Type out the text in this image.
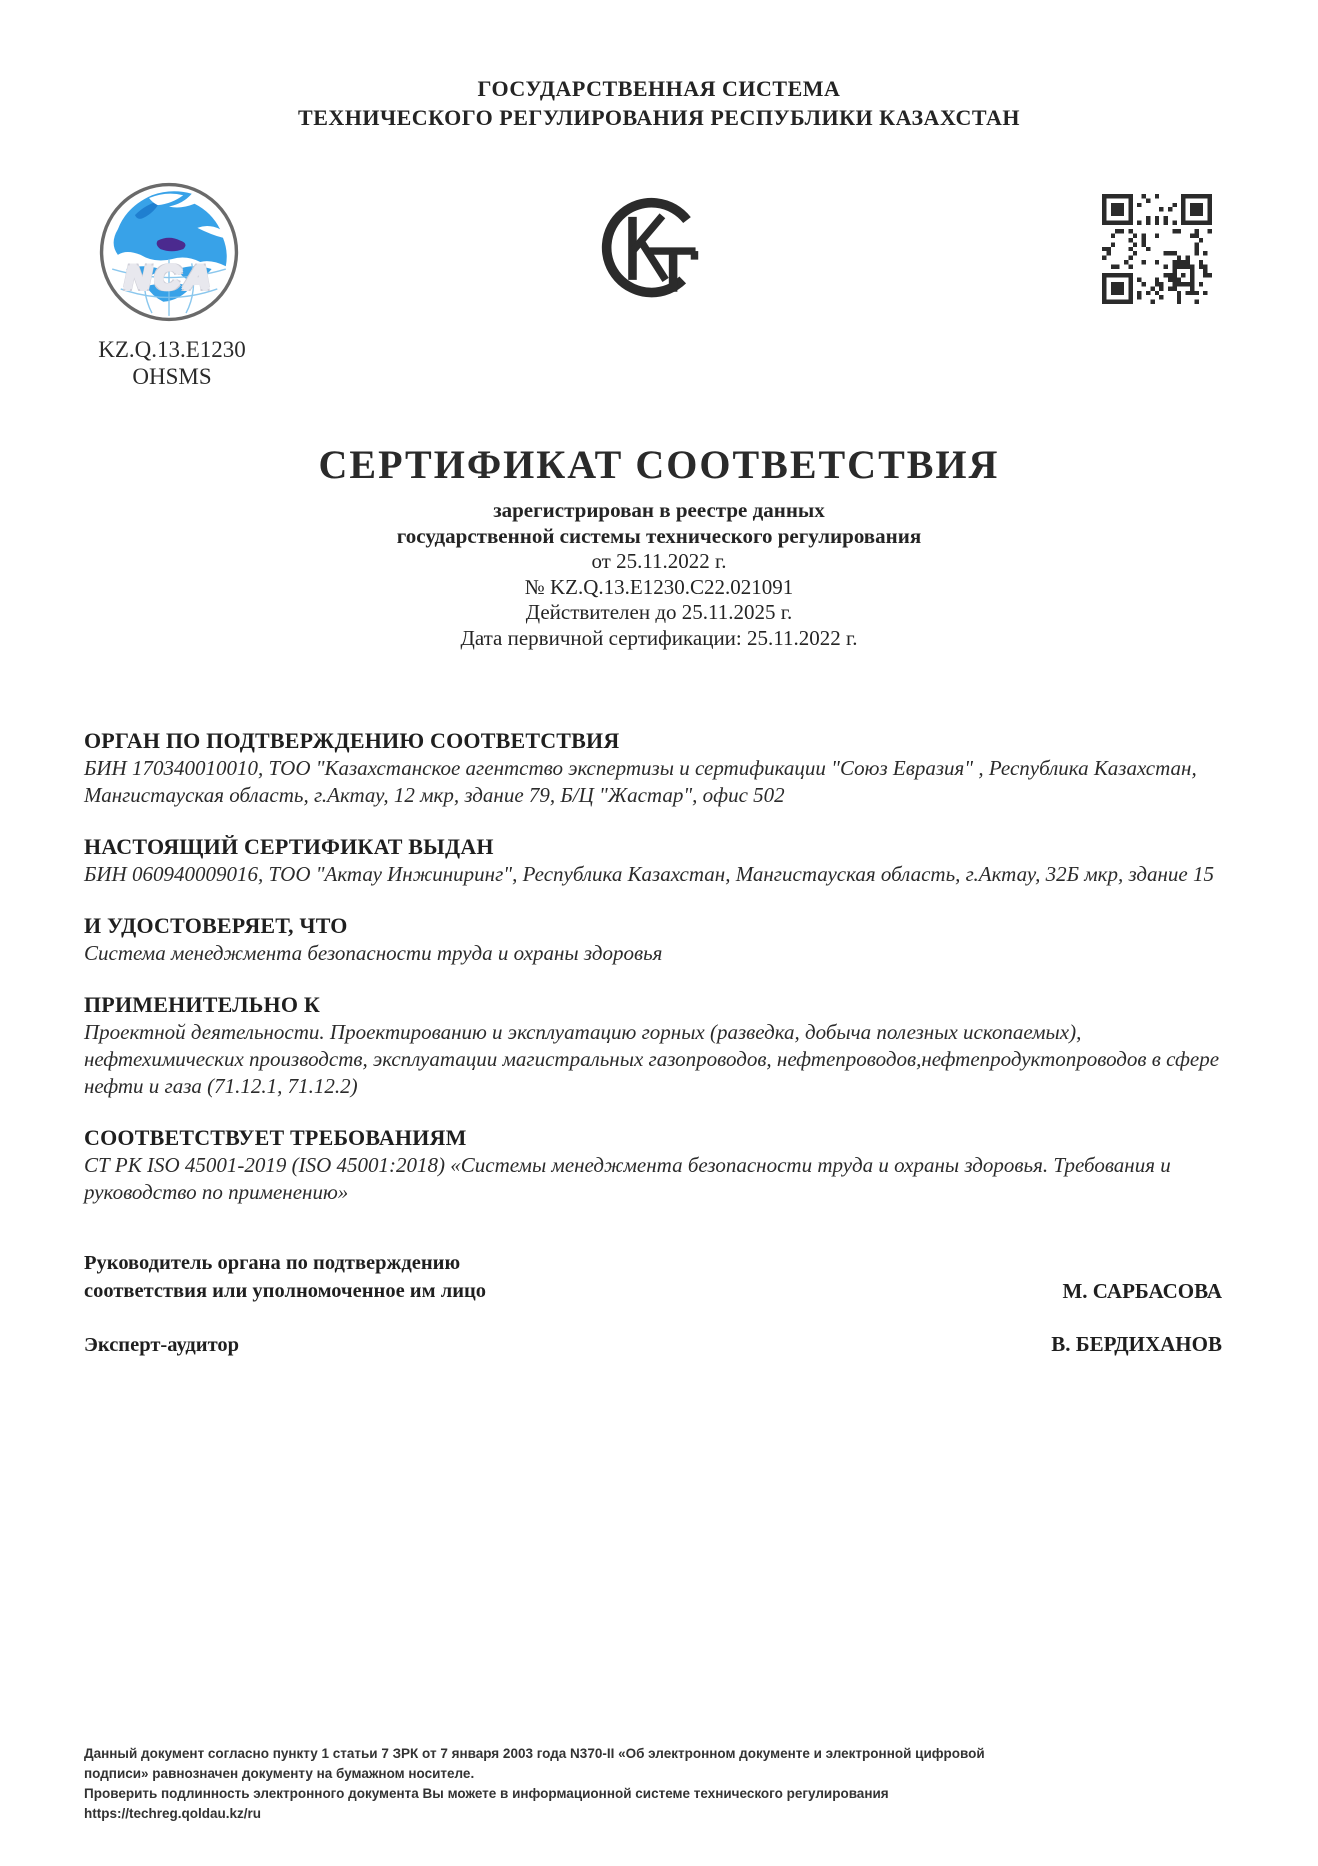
ГОСУДАРСТВЕННАЯ СИСТЕМА
ТЕХНИЧЕСКОГО РЕГУЛИРОВАНИЯ РЕСПУБЛИКИ КАЗАХСТАН
NCA
KZ.Q.13.E1230
OHSMS
СЕРТИФИКАТ СООТВЕТСТВИЯ
зарегистрирован в реестре данных
государственной системы технического регулирования
от 25.11.2022 г.
№ KZ.Q.13.E1230.C22.021091
Действителен до 25.11.2025 г.
Дата первичной сертификации: 25.11.2022 г.
ОРГАН ПО ПОДТВЕРЖДЕНИЮ СООТВЕТСТВИЯ

БИН 170340010010, ТОО "Казахстанское агентство экспертизы и сертификации "Союз Евразия" , Республика Казахстан, Мангистауская область, г.Актау, 12 мкр, здание 79, Б/Ц "Жастар", офис 502

НАСТОЯЩИЙ СЕРТИФИКАТ ВЫДАН

БИН 060940009016, ТОО "Актау Инжиниринг", Республика Казахстан, Мангистауская область, г.Актау, 32Б мкр, здание 15

И УДОСТОВЕРЯЕТ, ЧТО

Система менеджмента безопасности труда и охраны здоровья

ПРИМЕНИТЕЛЬНО К

Проектной деятельности. Проектированию и эксплуатацию горных (разведка, добыча полезных ископаемых), нефтехимических производств, эксплуатации магистральных газопроводов, нефтепроводов,нефтепродуктопроводов в сфере нефти и газа (71.12.1, 71.12.2)

СООТВЕТСТВУЕТ ТРЕБОВАНИЯМ

СТ РК ISO 45001-2019 (ISO 45001:2018) «Системы менеджмента безопасности труда и охраны здоровья. Требования и руководство по применению»

Руководитель органа по подтверждению
соответствия или уполномоченное им лицо	М. САРБАСОВА
Эксперт-аудитор	В. БЕРДИХАНОВ
Данный документ согласно пункту 1 статьи 7 ЗРК от 7 января 2003 года N370-II «Об электронном документе и электронной цифровой
подписи» равнозначен документу на бумажном носителе.
Проверить подлинность электронного документа Вы можете в информационной системе технического регулирования
https://techreg.qoldau.kz/ru
